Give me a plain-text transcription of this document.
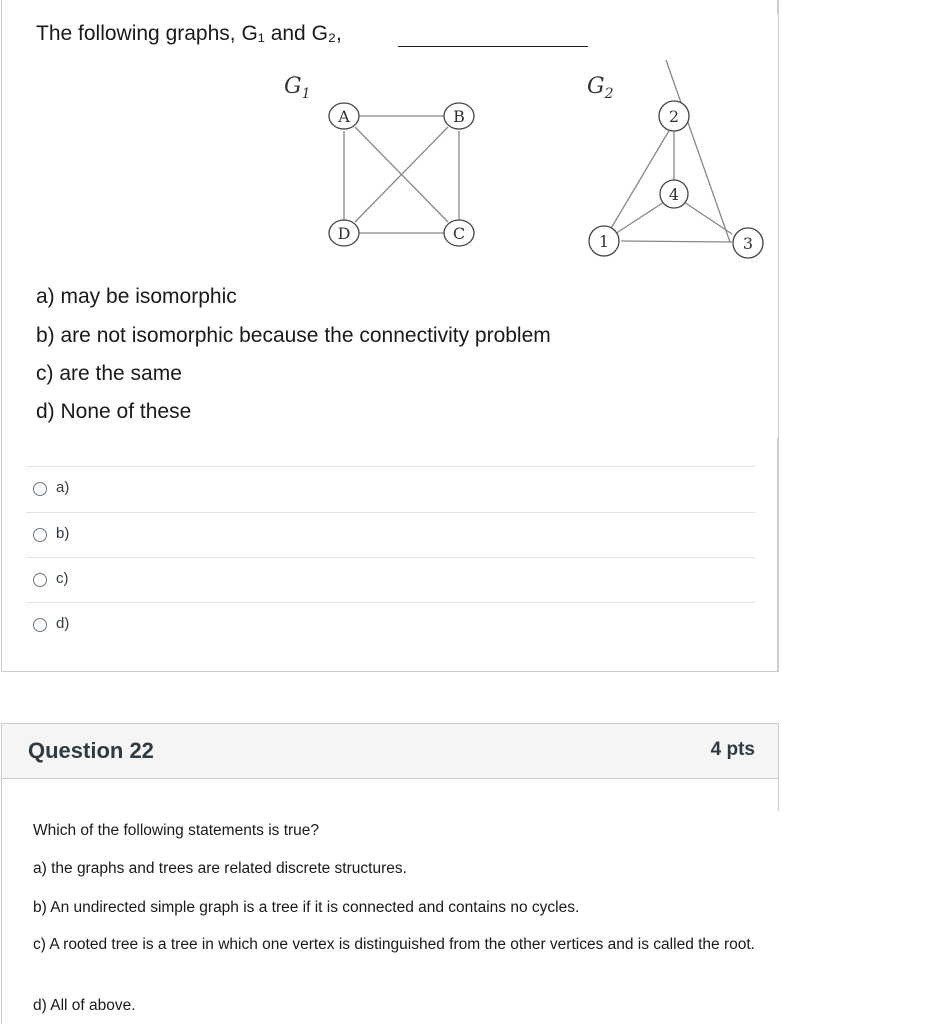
The following graphs, G₁ and G₂,
$G_1$
A	B
C
D
$G_2$
1
2
3
4
a) may be isomorphic
b) are not isomorphic because the connectivity problem
c) are the same
d) None of these
a)
b)
c)
d)
Question 22	4 pts
Which of the following statements is true?
a) the graphs and trees are related discrete structures.
b) An undirected simple graph is a tree if it is connected and contains no cycles.
c) A rooted tree is a tree in which one vertex is distinguished from the other vertices and is called the root.
d) All of above.
